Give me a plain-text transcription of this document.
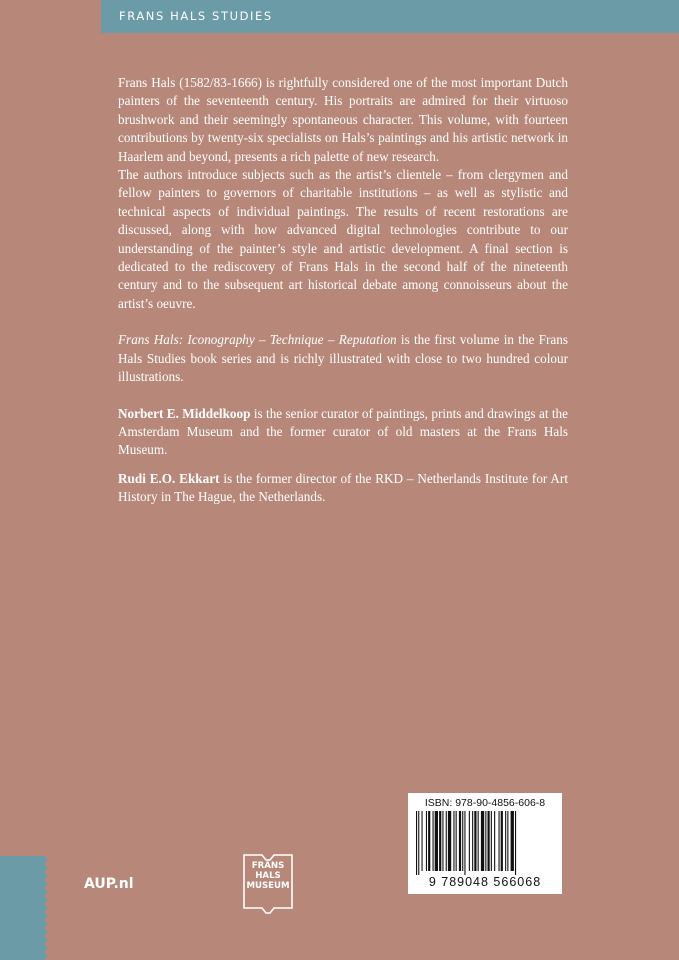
FRANS HALS STUDIES

Frans Hals (1582/83-1666) is rightfully considered one of the most important Dutch painters of the seventeenth century. His portraits are admired for their virtuoso brushwork and their seemingly spontaneous character. This volume, with fourteen contributions by twenty-six specialists on Hals’s paintings and his artistic network in Haarlem and beyond, presents a rich palette of new research.

The authors introduce subjects such as the artist’s clientele – from clergymen and fellow painters to governors of charitable institutions – as well as stylistic and technical aspects of individual paintings. The results of recent restorations are discussed, along with how advanced digital technologies contribute to our understanding of the painter’s style and artistic development. A final section is dedicated to the rediscovery of Frans Hals in the second half of the nineteenth century and to the subsequent art historical debate among connoisseurs about the artist’s oeuvre.

Frans Hals: Iconography – Technique – Reputation is the first volume in the Frans Hals Studies book series and is richly illustrated with close to two hundred colour illustrations.

Norbert E. Middelkoop is the senior curator of paintings, prints and drawings at the Amsterdam Museum and the former curator of old masters at the Frans Hals Museum.

Rudi E.O. Ekkart is the former director of the RKD – Netherlands Institute for Art History in The Hague, the Netherlands.

AUP.nl
FRANS
HALS
MUSEUM
ISBN: 978-90-4856-606-8
9 789048 566068
